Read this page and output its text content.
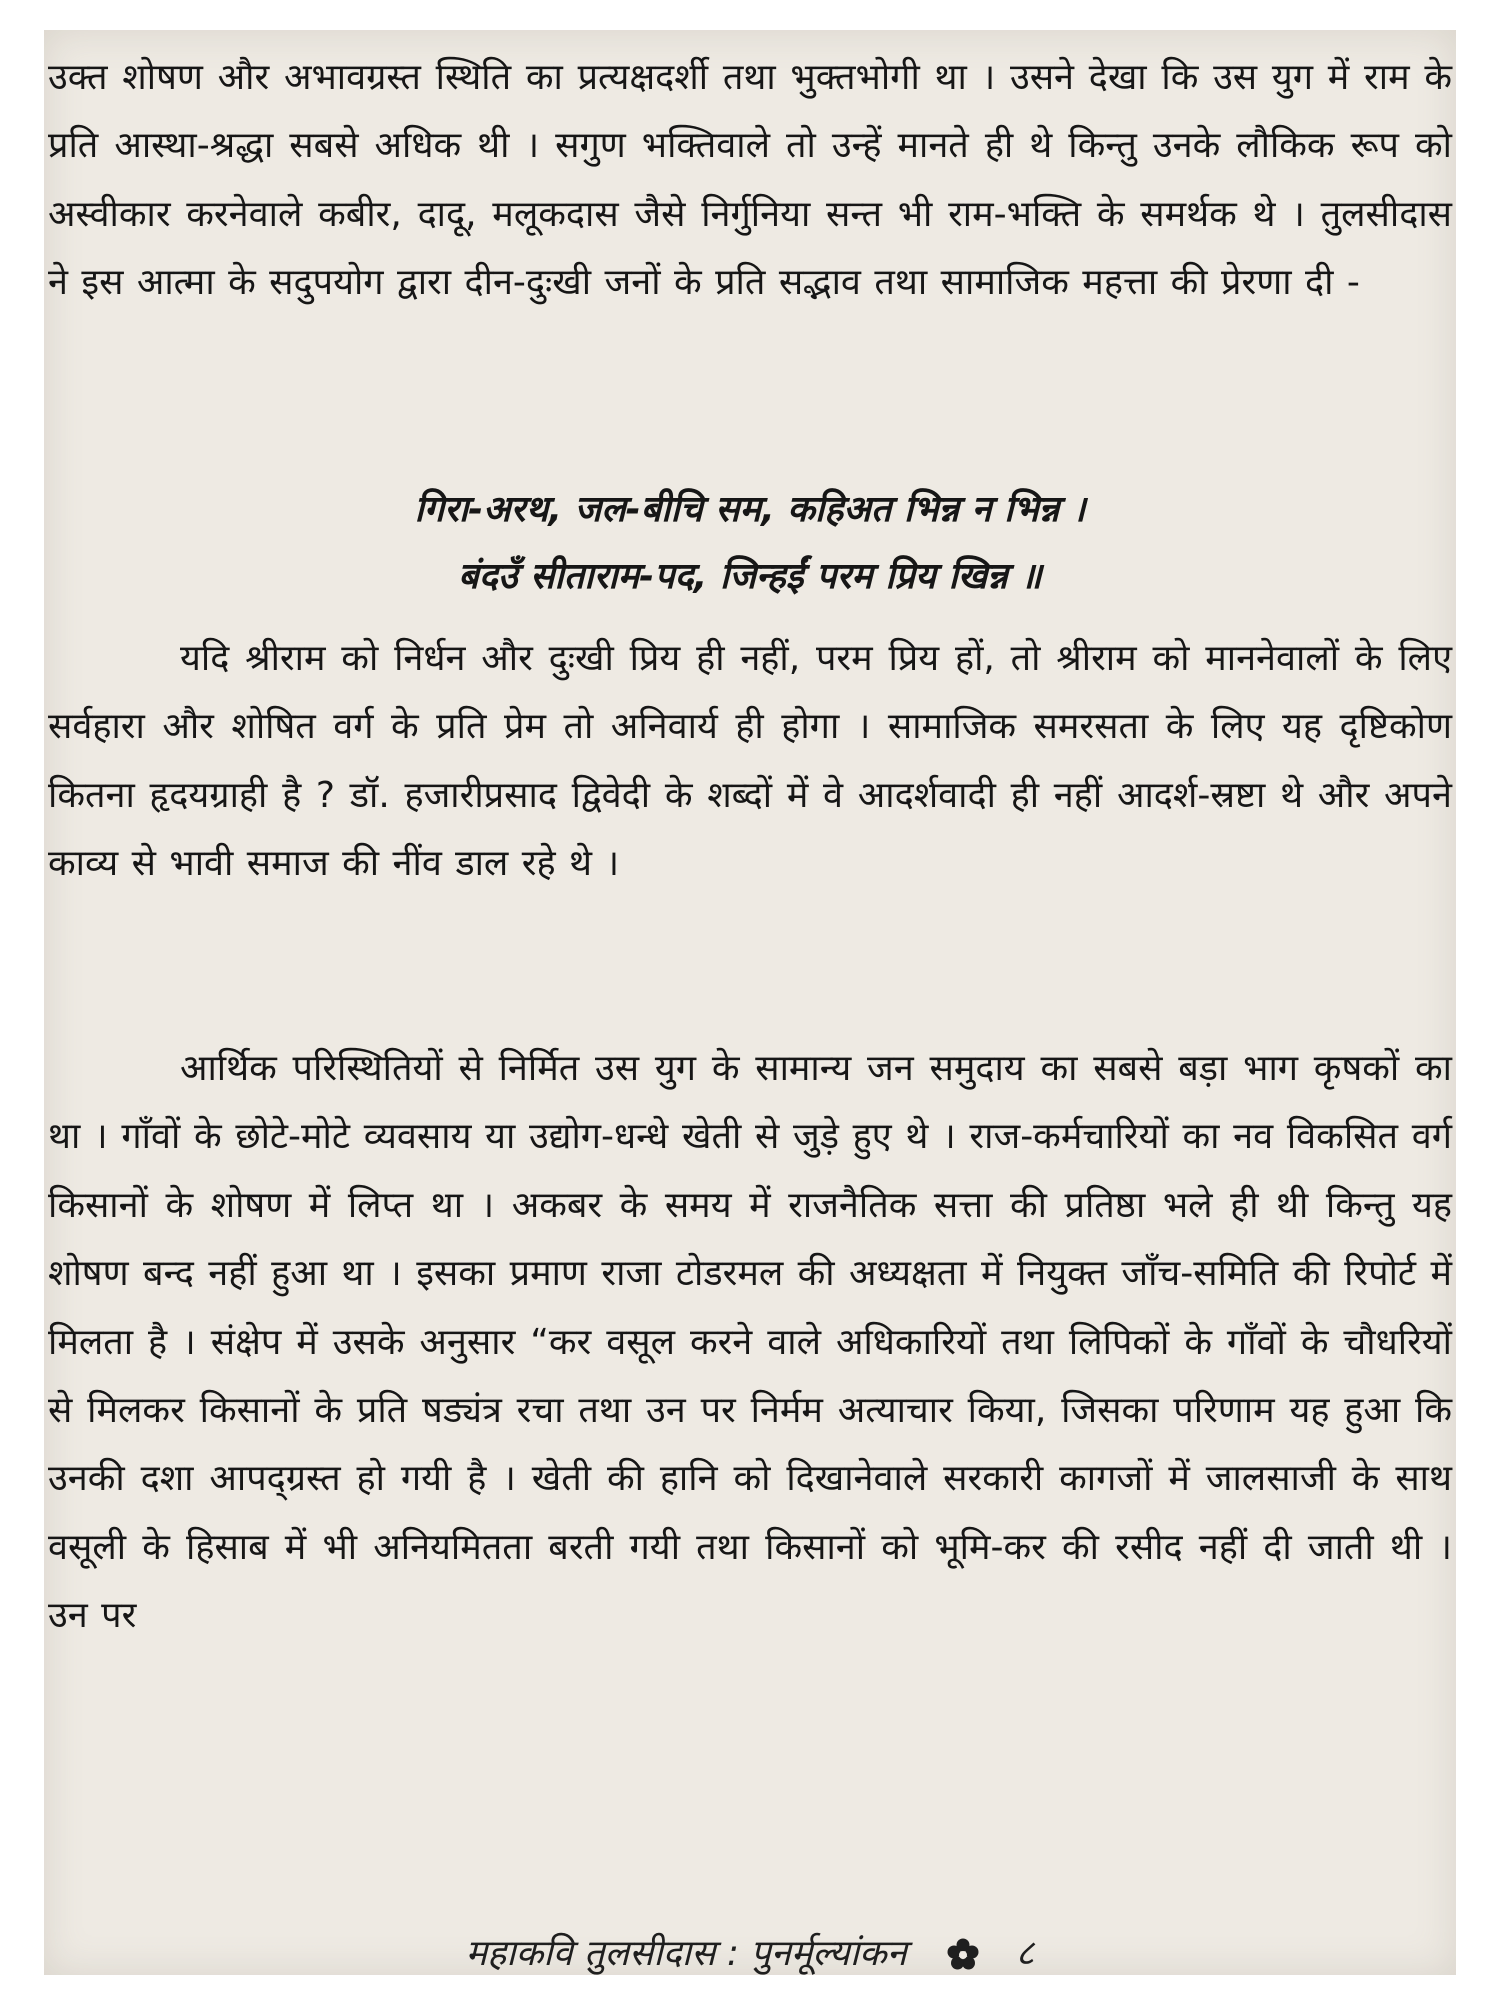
उक्त शोषण और अभावग्रस्त स्थिति का प्रत्यक्षदर्शी तथा भुक्तभोगी था । उसने देखा कि उस युग में राम के प्रति आस्था-श्रद्धा सबसे अधिक थी । सगुण भक्तिवाले तो उन्हें मानते ही थे किन्तु उनके लौकिक रूप को अस्वीकार करनेवाले कबीर, दादू, मलूकदास जैसे निर्गुनिया सन्त भी राम-भक्ति के समर्थक थे । तुलसीदास ने इस आत्मा के सदुपयोग द्वारा दीन-दुःखी जनों के प्रति सद्भाव तथा सामाजिक महत्ता की प्रेरणा दी -

गिरा-अरथ, जल-बीचि सम, कहिअत भिन्न न भिन्न ।

बंदउँ सीताराम-पद, जिन्हईं परम प्रिय खिन्न ॥

यदि श्रीराम को निर्धन और दुःखी प्रिय ही नहीं, परम प्रिय हों, तो श्रीराम को माननेवालों के लिए सर्वहारा और शोषित वर्ग के प्रति प्रेम तो अनिवार्य ही होगा । सामाजिक समरसता के लिए यह दृष्टिकोण कितना हृदयग्राही है ? डॉ. हजारीप्रसाद द्विवेदी के शब्दों में वे आदर्शवादी ही नहीं आदर्श-स्रष्टा थे और अपने काव्य से भावी समाज की नींव डाल रहे थे ।

आर्थिक परिस्थितियों से निर्मित उस युग के सामान्य जन समुदाय का सबसे बड़ा भाग कृषकों का था । गाँवों के छोटे-मोटे व्यवसाय या उद्योग-धन्धे खेती से जुड़े हुए थे । राज-कर्मचारियों का नव विकसित वर्ग किसानों के शोषण में लिप्त था । अकबर के समय में राजनैतिक सत्ता की प्रतिष्ठा भले ही थी किन्तु यह शोषण बन्द नहीं हुआ था । इसका प्रमाण राजा टोडरमल की अध्यक्षता में नियुक्त जाँच-समिति की रिपोर्ट में मिलता है । संक्षेप में उसके अनुसार “कर वसूल करने वाले अधिकारियों तथा लिपिकों के गाँवों के चौधरियों से मिलकर किसानों के प्रति षड्यंत्र रचा तथा उन पर निर्मम अत्याचार किया, जिसका परिणाम यह हुआ कि उनकी दशा आपद्ग्रस्त हो गयी है । खेती की हानि को दिखानेवाले सरकारी कागजों में जालसाजी के साथ वसूली के हिसाब में भी अनियमितता बरती गयी तथा किसानों को भूमि-कर की रसीद नहीं दी जाती थी । उन पर

महाकवि तुलसीदास : पुनर्मूल्यांकन	८
